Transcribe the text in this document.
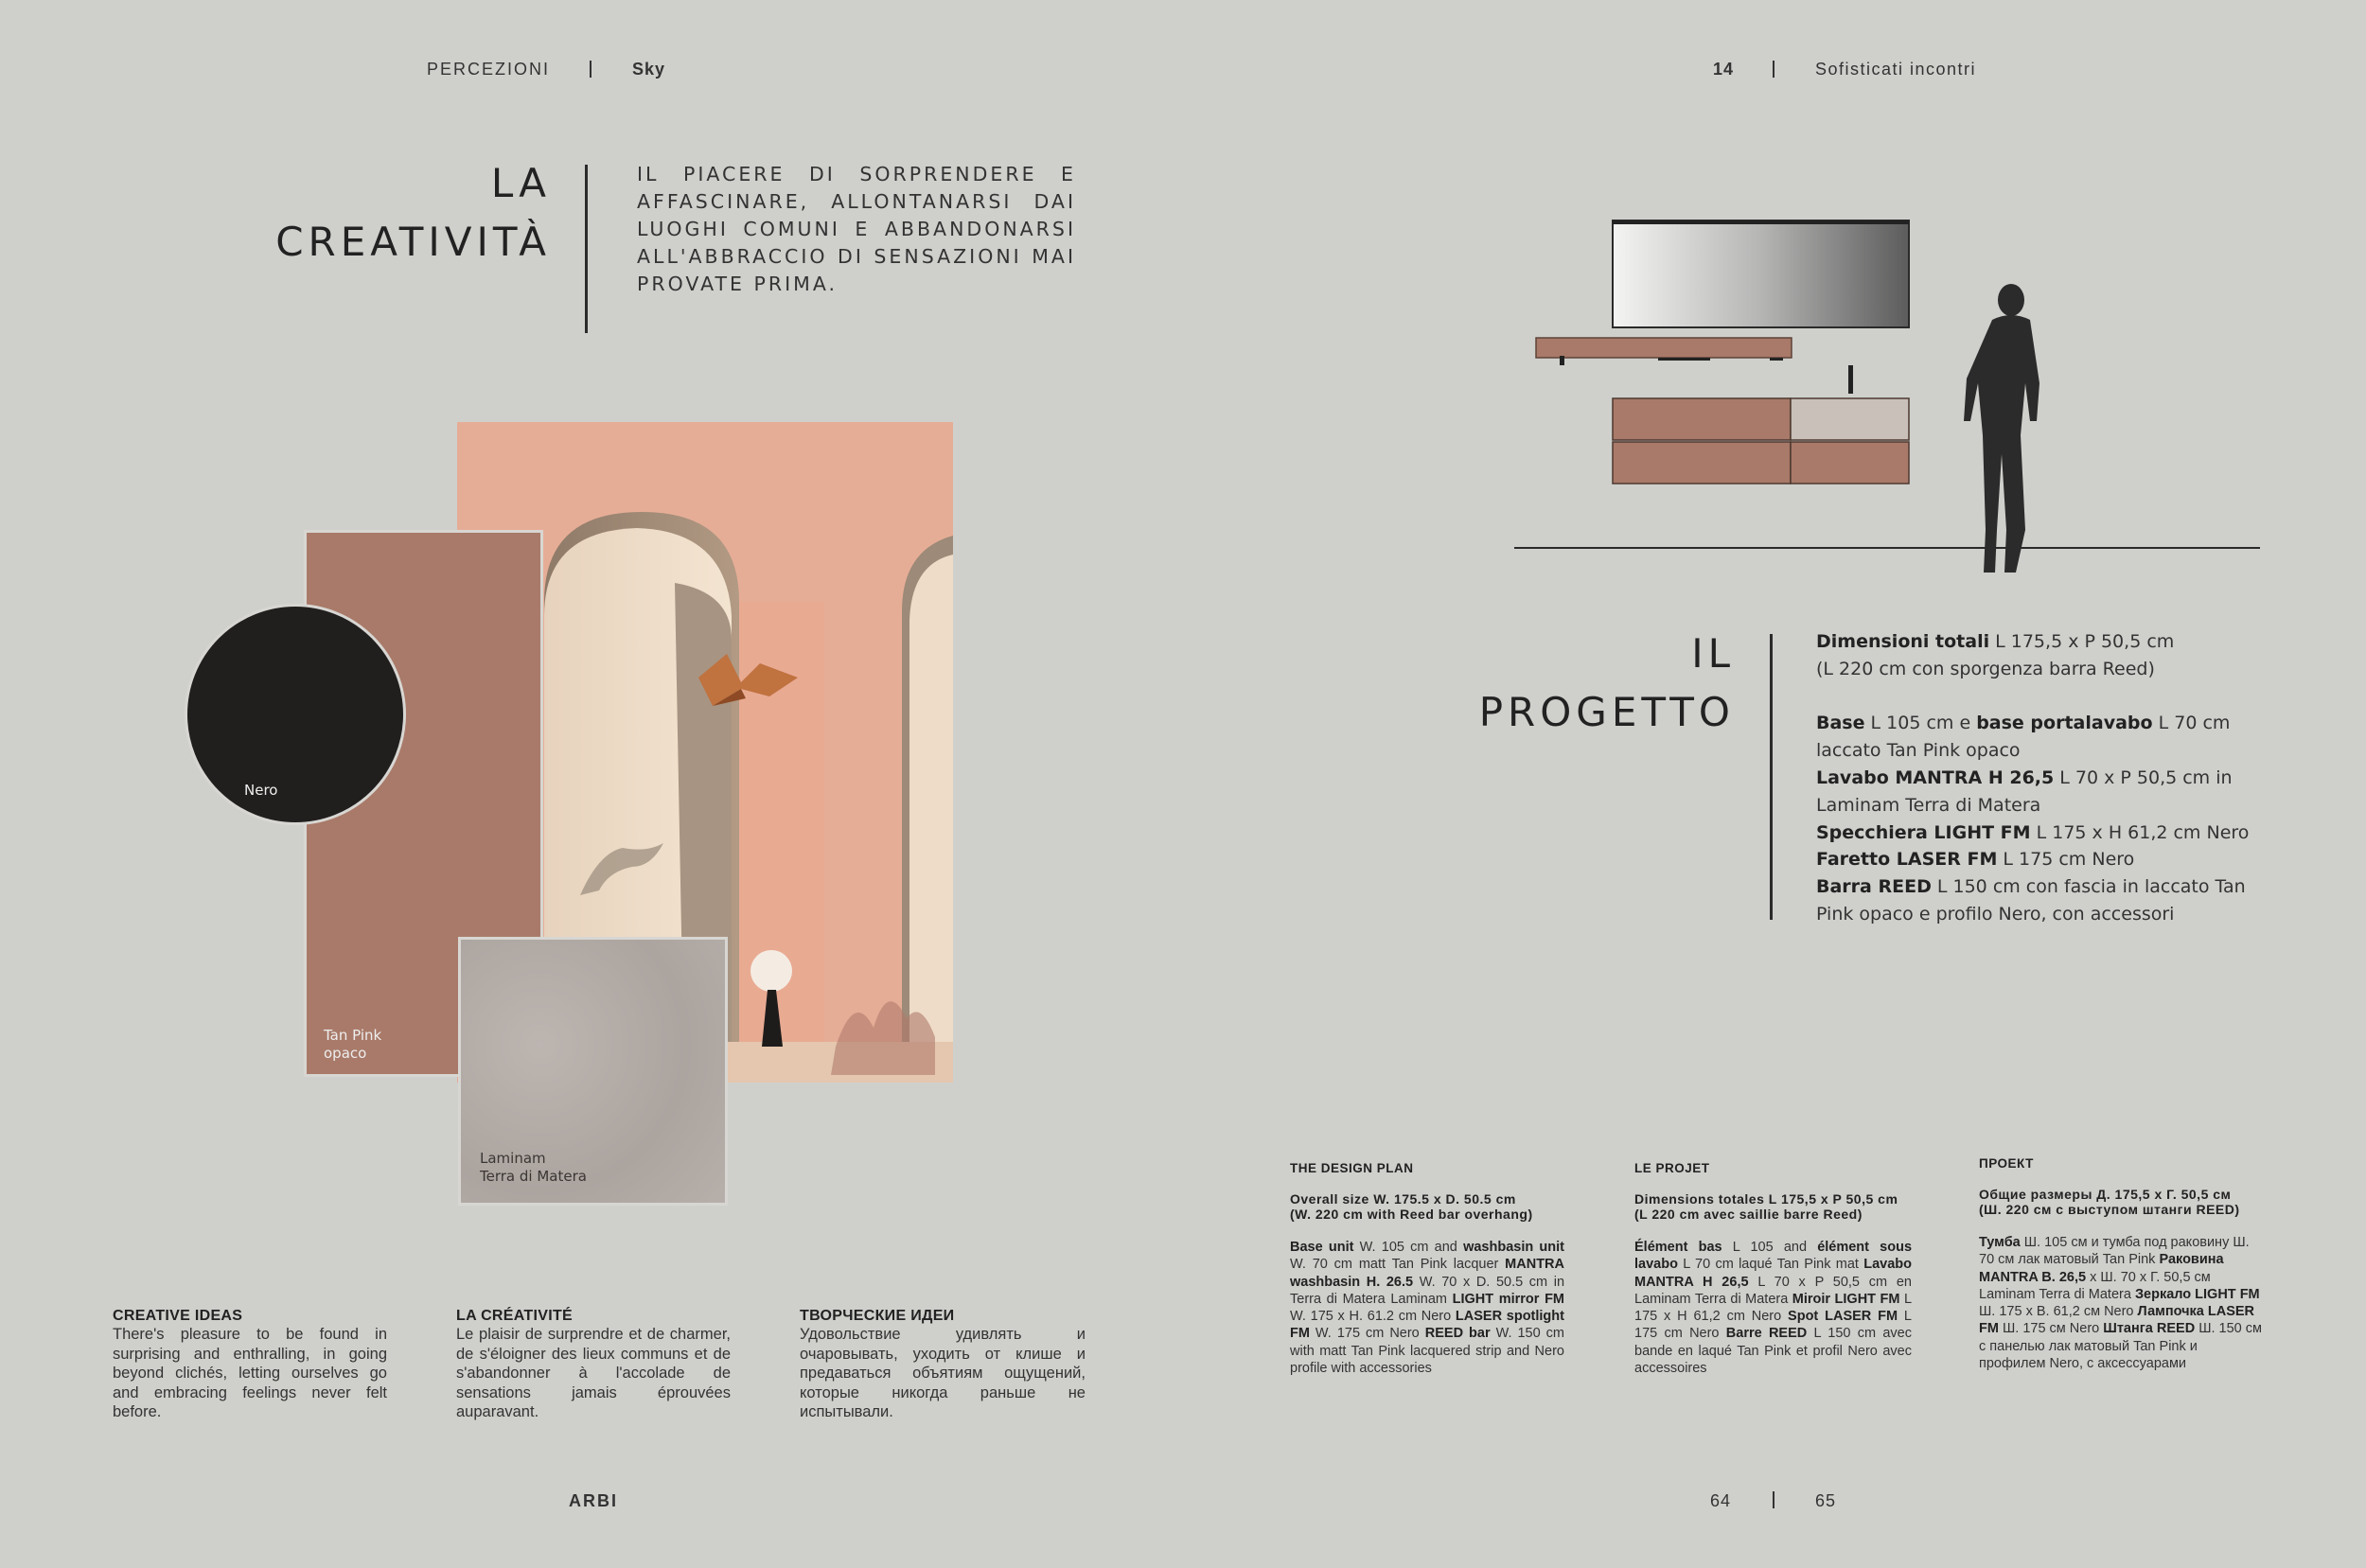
PERCEZIONI	Sky
LA
CREATIVITÀ
IL PIACERE DI SORPRENDERE E AFFASCINARE, ALLONTANARSI DAI LUOGHI COMUNI E ABBANDONARSI ALL'ABBRACCIO DI SENSAZIONI MAI PROVATE PRIMA.
Tan Pink
opaco
Nero
Laminam
Terra di Matera
CREATIVE IDEAS
There's pleasure to be found in surprising and enthralling, in going beyond clichés, letting ourselves go and embracing feelings never felt before.
LA CRÉATIVITÉ
Le plaisir de surprendre et de charmer, de s'éloigner des lieux communs et de s'abandonner à l'accolade de sensations jamais éprouvées auparavant.
ТВОРЧЕСКИЕ ИДЕИ
Удовольствие удивлять и очаровывать, уходить от клише и предаваться объятиям ощущений, которые никогда раньше не испытывали.
ARBI
14	Sofisticati incontri
IL
PROGETTO
Dimensioni totali L 175,5 x P 50,5 cm
(L 220 cm con sporgenza barra Reed)
Base L 105 cm e base portalavabo L 70 cm
laccato Tan Pink opaco
Lavabo MANTRA H 26,5 L 70 x P 50,5 cm in
Laminam Terra di Matera
Specchiera LIGHT FM L 175 x H 61,2 cm Nero
Faretto LASER FM L 175 cm Nero
Barra REED L 150 cm con fascia in laccato Tan
Pink opaco e profilo Nero, con accessori
THE DESIGN PLAN
Overall size W. 175.5 x D. 50.5 cm
(W. 220 cm with Reed bar overhang)
Base unit W. 105 cm and washbasin unit W. 70 cm matt Tan Pink lacquer MANTRA washbasin H. 26.5 W. 70 x D. 50.5 cm in Terra di Matera Laminam LIGHT mirror FM W. 175 x H. 61.2 cm Nero LASER spotlight FM W. 175 cm Nero REED bar W. 150 cm with matt Tan Pink lacquered strip and Nero profile with accessories
LE PROJET
Dimensions totales L 175,5 x P 50,5 cm
(L 220 cm avec saillie barre Reed)
Élément bas L 105 and élément sous lavabo L 70 cm laqué Tan Pink mat Lavabo MANTRA H 26,5 L 70 x P 50,5 cm en Laminam Terra di Matera Miroir LIGHT FM L 175 x H 61,2 cm Nero Spot LASER FM L 175 cm Nero Barre REED L 150 cm avec bande en laqué Tan Pink et profil Nero avec accessoires
ПРОЕКТ
Общие размеры Д. 175,5 x Г. 50,5 см
(Ш. 220 см с выступом штанги REED)
Тумба Ш. 105 см и тумба под раковину Ш. 70 см лак матовый Tan Pink Раковина MANTRA В. 26,5 x Ш. 70 x Г. 50,5 см Laminam Terra di Matera Зеркало LIGHT FM Ш. 175 x В. 61,2 см Nero Лампочка LASER FM Ш. 175 см Nero Штанга REED Ш. 150 см с панелью лак матовый Tan Pink и профилем Nero, с аксессуарами
64	65
